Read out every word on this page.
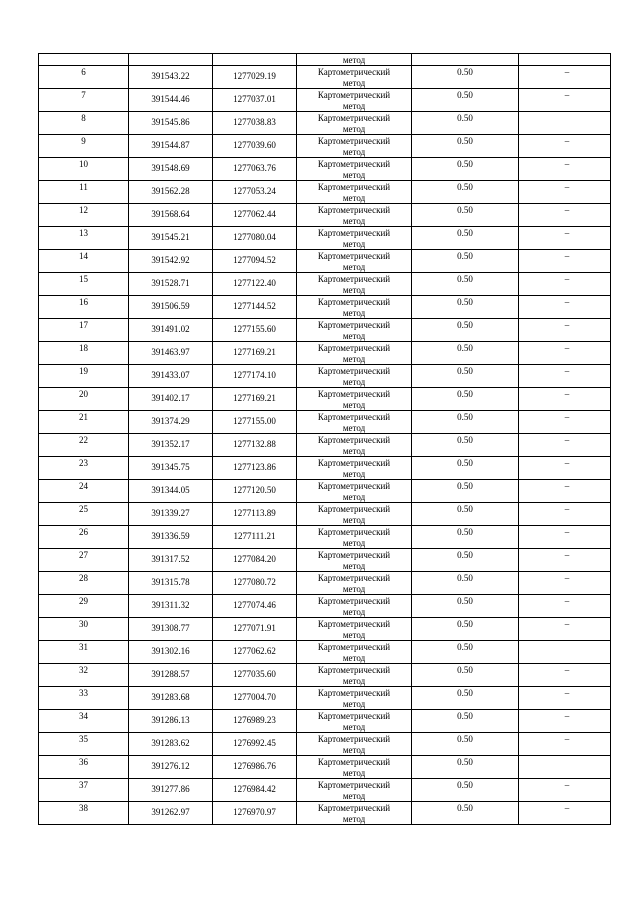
			метод		

6	391543.22	1277029.19	Картометрический
метод	0.50	–

7	391544.46	1277037.01	Картометрический
метод	0.50	–

8	391545.86	1277038.83	Картометрический
метод	0.50	

9	391544.87	1277039.60	Картометрический
метод	0.50	–

10	391548.69	1277063.76	Картометрический
метод	0.50	–

11	391562.28	1277053.24	Картометрический
метод	0.50	–

12	391568.64	1277062.44	Картометрический
метод	0.50	–

13	391545.21	1277080.04	Картометрический
метод	0.50	–

14	391542.92	1277094.52	Картометрический
метод	0.50	–

15	391528.71	1277122.40	Картометрический
метод	0.50	–

16	391506.59	1277144.52	Картометрический
метод	0.50	–

17	391491.02	1277155.60	Картометрический
метод	0.50	–

18	391463.97	1277169.21	Картометрический
метод	0.50	–

19	391433.07	1277174.10	Картометрический
метод	0.50	–

20	391402.17	1277169.21	Картометрический
метод	0.50	–

21	391374.29	1277155.00	Картометрический
метод	0.50	–

22	391352.17	1277132.88	Картометрический
метод	0.50	–

23	391345.75	1277123.86	Картометрический
метод	0.50	–

24	391344.05	1277120.50	Картометрический
метод	0.50	–

25	391339.27	1277113.89	Картометрический
метод	0.50	–

26	391336.59	1277111.21	Картометрический
метод	0.50	–

27	391317.52	1277084.20	Картометрический
метод	0.50	–

28	391315.78	1277080.72	Картометрический
метод	0.50	–

29	391311.32	1277074.46	Картометрический
метод	0.50	–

30	391308.77	1277071.91	Картометрический
метод	0.50	–

31	391302.16	1277062.62	Картометрический
метод	0.50	

32	391288.57	1277035.60	Картометрический
метод	0.50	–

33	391283.68	1277004.70	Картометрический
метод	0.50	–

34	391286.13	1276989.23	Картометрический
метод	0.50	–

35	391283.62	1276992.45	Картометрический
метод	0.50	–

36	391276.12	1276986.76	Картометрический
метод	0.50	

37	391277.86	1276984.42	Картометрический
метод	0.50	–

38	391262.97	1276970.97	Картометрический
метод	0.50	–
